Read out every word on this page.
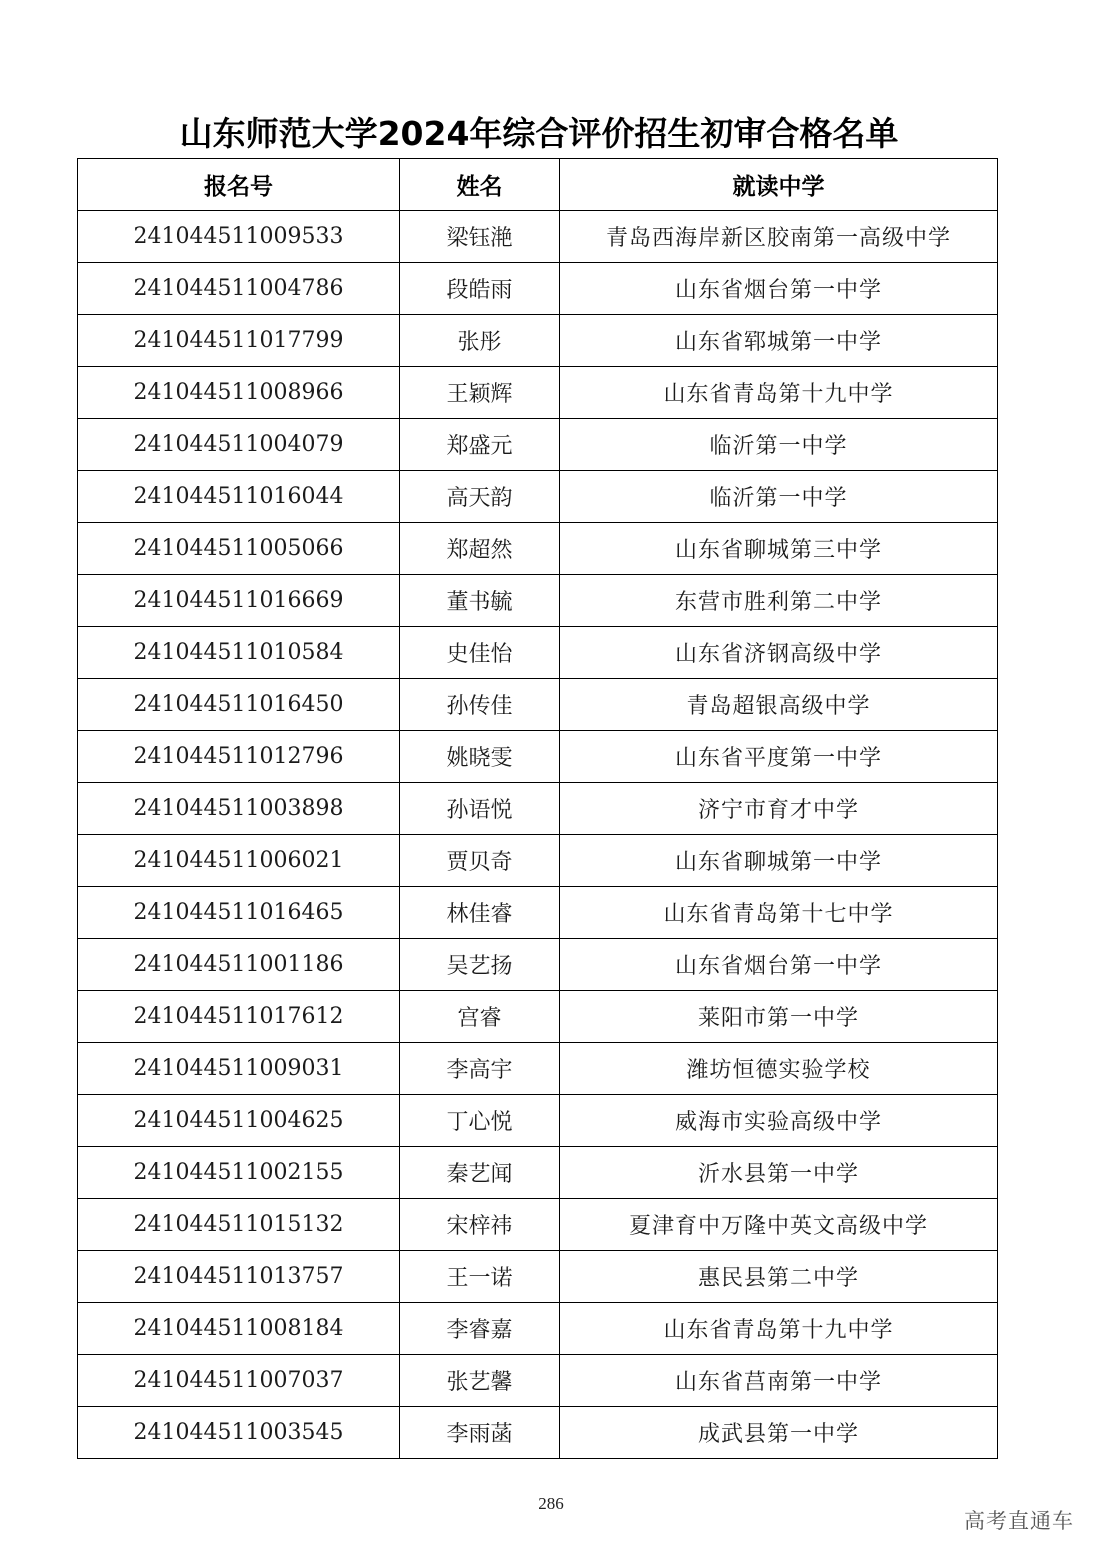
山东师范大学2024年综合评价招生初审合格名单
报名号	姓名	就读中学
241044511009533	梁钰滟	青岛西海岸新区胶南第一高级中学
241044511004786	段皓雨	山东省烟台第一中学
241044511017799	张彤	山东省郓城第一中学
241044511008966	王颖辉	山东省青岛第十九中学
241044511004079	郑盛元	临沂第一中学
241044511016044	高天韵	临沂第一中学
241044511005066	郑超然	山东省聊城第三中学
241044511016669	董书毓	东营市胜利第二中学
241044511010584	史佳怡	山东省济钢高级中学
241044511016450	孙传佳	青岛超银高级中学
241044511012796	姚晓雯	山东省平度第一中学
241044511003898	孙语悦	济宁市育才中学
241044511006021	贾贝奇	山东省聊城第一中学
241044511016465	林佳睿	山东省青岛第十七中学
241044511001186	吴艺扬	山东省烟台第一中学
241044511017612	宫睿	莱阳市第一中学
241044511009031	李高宇	潍坊恒德实验学校
241044511004625	丁心悦	威海市实验高级中学
241044511002155	秦艺闻	沂水县第一中学
241044511015132	宋梓祎	夏津育中万隆中英文高级中学
241044511013757	王一诺	惠民县第二中学
241044511008184	李睿嘉	山东省青岛第十九中学
241044511007037	张艺馨	山东省莒南第一中学
241044511003545	李雨菡	成武县第一中学
286
高考直通车
